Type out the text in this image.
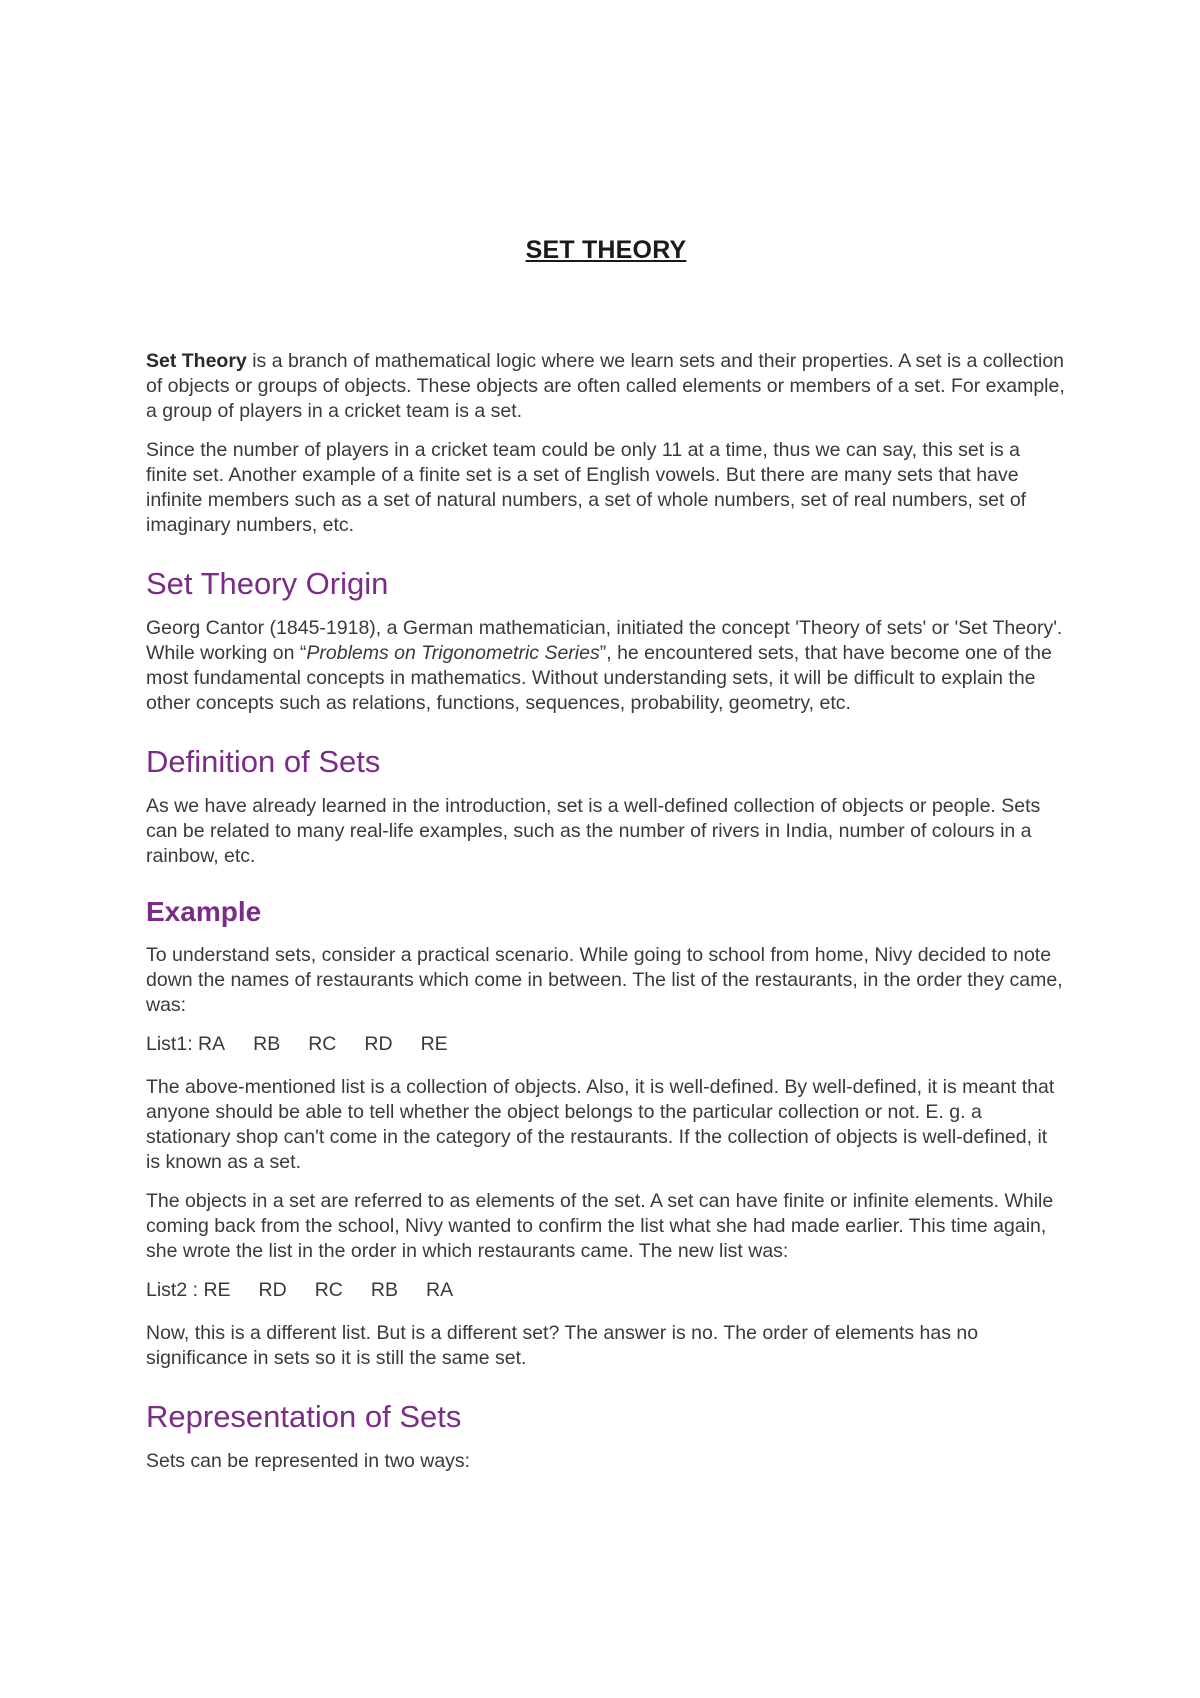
SET THEORY

Set Theory is a branch of mathematical logic where we learn sets and their properties. A set is a collection of objects or groups of objects. These objects are often called elements or members of a set. For example, a group of players in a cricket team is a set.

Since the number of players in a cricket team could be only 11 at a time, thus we can say, this set is a finite set. Another example of a finite set is a set of English vowels. But there are many sets that have infinite members such as a set of natural numbers, a set of whole numbers, set of real numbers, set of imaginary numbers, etc.

Set Theory Origin

Georg Cantor (1845-1918), a German mathematician, initiated the concept 'Theory of sets' or 'Set Theory'. While working on “Problems on Trigonometric Series”, he encountered sets, that have become one of the most fundamental concepts in mathematics. Without understanding sets, it will be difficult to explain the other concepts such as relations, functions, sequences, probability, geometry, etc.

Definition of Sets

As we have already learned in the introduction, set is a well-defined collection of objects or people. Sets can be related to many real-life examples, such as the number of rivers in India, number of colours in a rainbow, etc.

Example

To understand sets, consider a practical scenario. While going to school from home, Nivy decided to note down the names of restaurants which come in between. The list of the restaurants, in the order they came, was:

List1: RA RB RC RD RE

The above-mentioned list is a collection of objects. Also, it is well-defined. By well-defined, it is meant that anyone should be able to tell whether the object belongs to the particular collection or not. E. g. a stationary shop can't come in the category of the restaurants. If the collection of objects is well-defined, it is known as a set.

The objects in a set are referred to as elements of the set. A set can have finite or infinite elements. While coming back from the school, Nivy wanted to confirm the list what she had made earlier. This time again, she wrote the list in the order in which restaurants came. The new list was:

List2 : RE RD RC RB RA

Now, this is a different list. But is a different set? The answer is no. The order of elements has no significance in sets so it is still the same set.

Representation of Sets

Sets can be represented in two ways:
